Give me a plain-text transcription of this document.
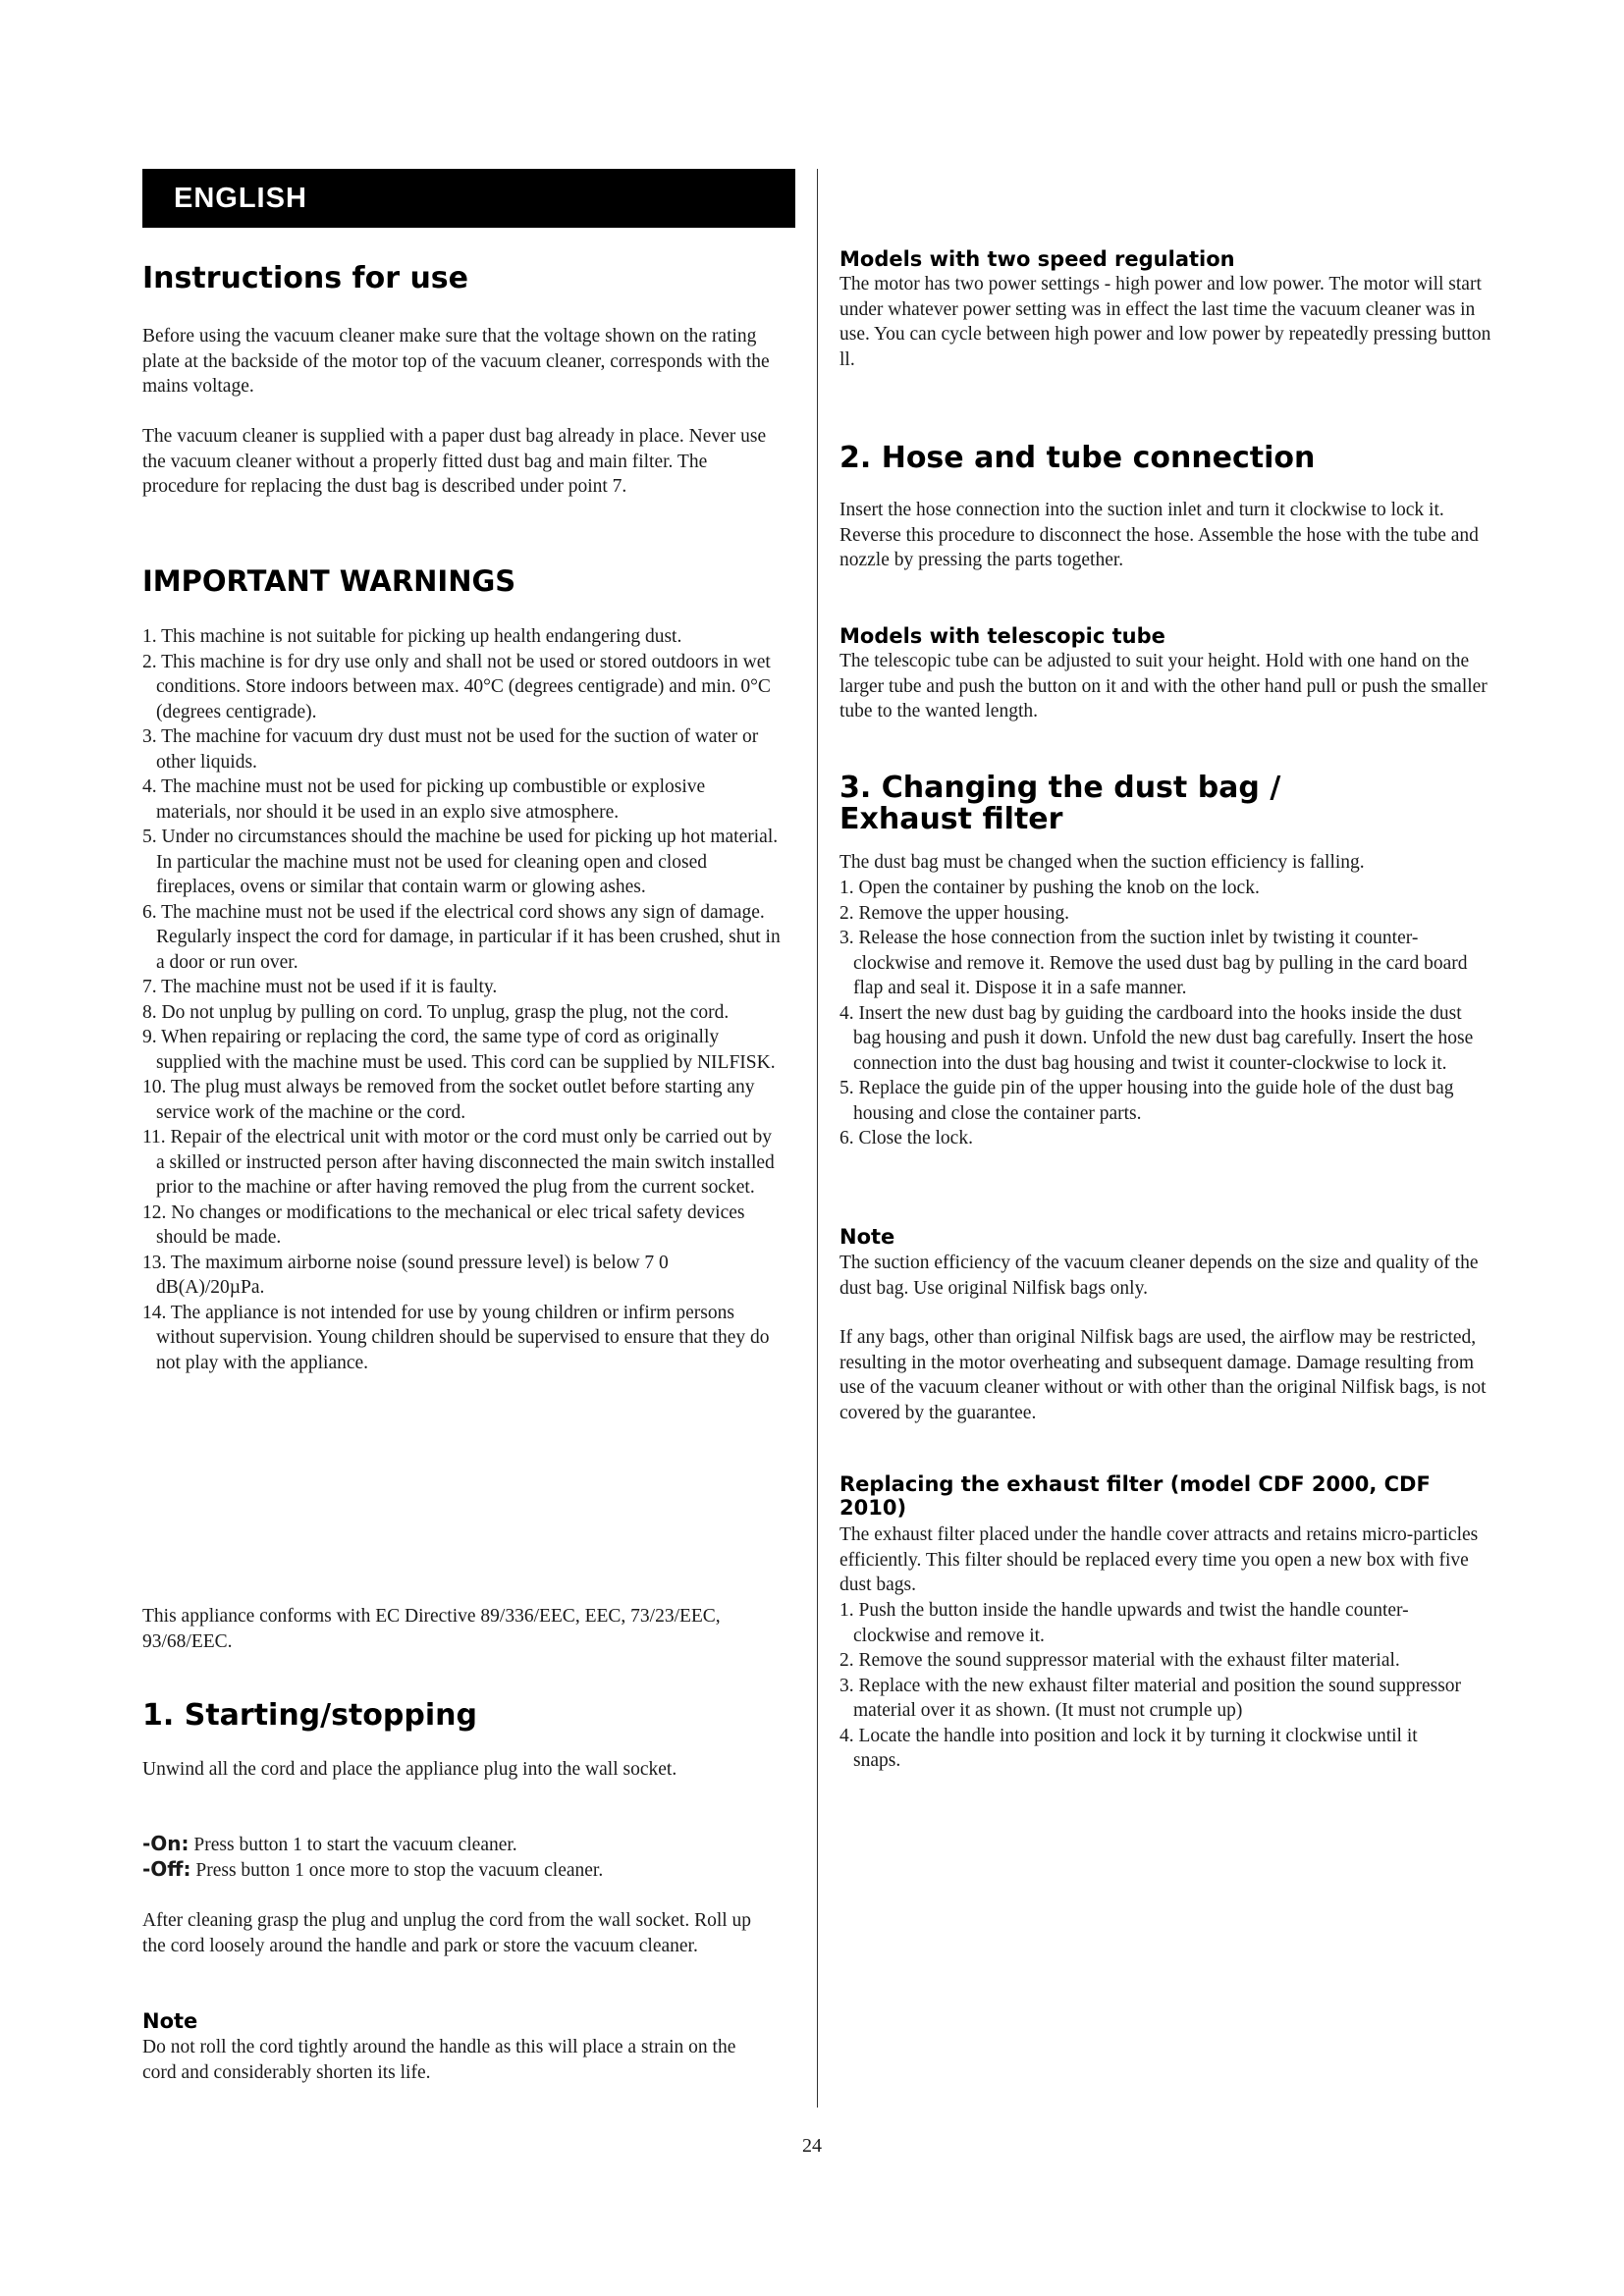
ENGLISH
Instructions for use

Before using the vacuum cleaner make sure that the voltage shown on the rating plate at the backside of the motor top of the vacuum cleaner, corresponds with the mains voltage.

The vacuum cleaner is supplied with a paper dust bag already in place. Never use the vacuum cleaner without a properly fitted dust bag and main filter. The procedure for replacing the dust bag is described under point 7.

IMPORTANT WARNINGS
1. This machine is not suitable for picking up health endangering dust.
2. This machine is for dry use only and shall not be used or stored outdoors in wet conditions. Store indoors between max. 40°C (degrees centigrade) and min. 0°C (degrees centigrade).
3. The machine for vacuum dry dust must not be used for the suction of water or other liquids.
4. The machine must not be used for picking up combustible or explosive materials, nor should it be used in an explo sive atmosphere.
5. Under no circumstances should the machine be used for picking up hot material. In particular the machine must not be used for cleaning open and closed fireplaces, ovens or similar that contain warm or glowing ashes.
6. The machine must not be used if the electrical cord shows any sign of damage. Regularly inspect the cord for damage, in particular if it has been crushed, shut in a door or run over.
7. The machine must not be used if it is faulty.
8. Do not unplug by pulling on cord. To unplug, grasp the plug, not the cord.
9. When repairing or replacing the cord, the same type of cord as originally supplied with the machine must be used. This cord can be supplied by NILFISK.
10. The plug must always be removed from the socket outlet before starting any service work of the machine or the cord.
11. Repair of the electrical unit with motor or the cord must only be carried out by a skilled or instructed person after having disconnected the main switch installed prior to the machine or after having removed the plug from the current socket.
12. No changes or modifications to the mechanical or elec trical safety devices should be made.
13. The maximum airborne noise (sound pressure level) is below 7 0 dB(A)/20µPa.
14. The appliance is not intended for use by young children or infirm persons without supervision. Young children should be supervised to ensure that they do not play with the appliance.

This appliance conforms with EC Directive 89/336/EEC, EEC, 73/23/EEC, 93/68/EEC.

1. Starting/stopping

Unwind all the cord and place the appliance plug into the wall socket.

-On: Press button 1 to start the vacuum cleaner.

-Off: Press button 1 once more to stop the vacuum cleaner.

After cleaning grasp the plug and unplug the cord from the wall socket. Roll up the cord loosely around the handle and park or store the vacuum cleaner.

Note

Do not roll the cord tightly around the handle as this will place a strain on the cord and considerably shorten its life.

Models with two speed regulation

The motor has two power settings - high power and low power. The motor will start under whatever power setting was in effect the last time the vacuum cleaner was in use. You can cycle between high power and low power by repeatedly pressing button ll.

2. Hose and tube connection

Insert the hose connection into the suction inlet and turn it clockwise to lock it. Reverse this procedure to disconnect the hose. Assemble the hose with the tube and nozzle by pressing the parts together.

Models with telescopic tube

The telescopic tube can be adjusted to suit your height. Hold with one hand on the larger tube and push the button on it and with the other hand pull or push the smaller tube to the wanted length.

3. Changing the dust bag /
Exhaust filter

The dust bag must be changed when the suction efficiency is falling.

1. Open the container by pushing the knob on the lock.
2. Remove the upper housing.
3. Release the hose connection from the suction inlet by twisting it counter-clockwise and remove it. Remove the used dust bag by pulling in the card board flap and seal it. Dispose it in a safe manner.
4. Insert the new dust bag by guiding the cardboard into the hooks inside the dust bag housing and push it down. Unfold the new dust bag carefully. Insert the hose connection into the dust bag housing and twist it counter-clockwise to lock it.
5. Replace the guide pin of the upper housing into the guide hole of the dust bag housing and close the container parts.
6. Close the lock.
Note

The suction efficiency of the vacuum cleaner depends on the size and quality of the dust bag. Use original Nilfisk bags only.

If any bags, other than original Nilfisk bags are used, the airflow may be restricted, resulting in the motor overheating and subsequent damage. Damage resulting from use of the vacuum cleaner without or with other than the original Nilfisk bags, is not covered by the guarantee.

Replacing the exhaust filter (model CDF 2000, CDF 2010)

The exhaust filter placed under the handle cover attracts and retains micro-particles efficiently. This filter should be replaced every time you open a new box with five dust bags.

1. Push the button inside the handle upwards and twist the handle counter-clockwise and remove it.
2. Remove the sound suppressor material with the exhaust filter material.
3. Replace with the new exhaust filter material and position the sound suppressor material over it as shown. (It must not crumple up)
4. Locate the handle into position and lock it by turning it clockwise until it snaps.
24
